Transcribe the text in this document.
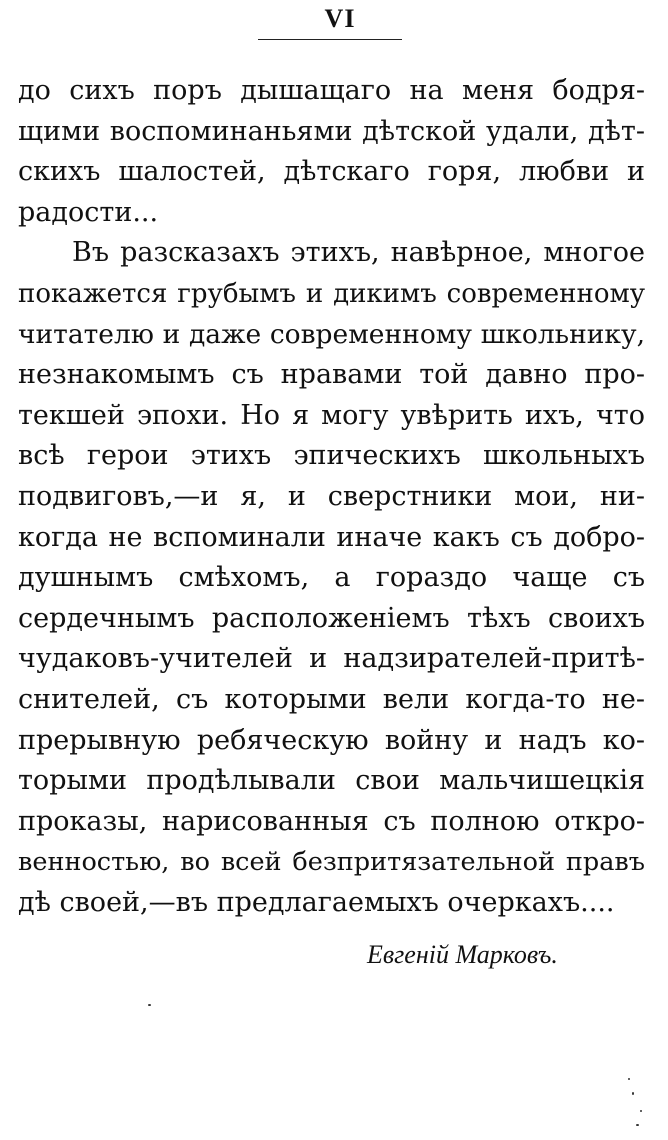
VI
до сихъ поръ дышащаго на меня бодря-
щими воспоминаньями дѣтской удали, дѣт-
скихъ шалостей, дѣтскаго горя, любви и
радости...
Въ разсказахъ этихъ, навѣрное, многое
покажется грубымъ и дикимъ современному
читателю и даже современному школьнику,
незнакомымъ съ нравами той давно про-
текшей эпохи. Но я могу увѣрить ихъ, что
всѣ герои этихъ эпическихъ школьныхъ
подвиговъ,—и я, и сверстники мои, ни-
когда не вспоминали иначе какъ съ добро-
душнымъ смѣхомъ, а гораздо чаще съ
сердечнымъ расположеніемъ тѣхъ своихъ
чудаковъ-учителей и надзирателей-притѣ-
снителей, съ которыми вели когда-то не-
прерывную ребяческую войну и надъ ко-
торыми продѣлывали свои мальчишецкія
проказы, нарисованныя съ полною откро-
венностью, во всей безпритязательной правъ
дѣ своей,—въ предлагаемыхъ очеркахъ....
Евгеній Марковъ.
